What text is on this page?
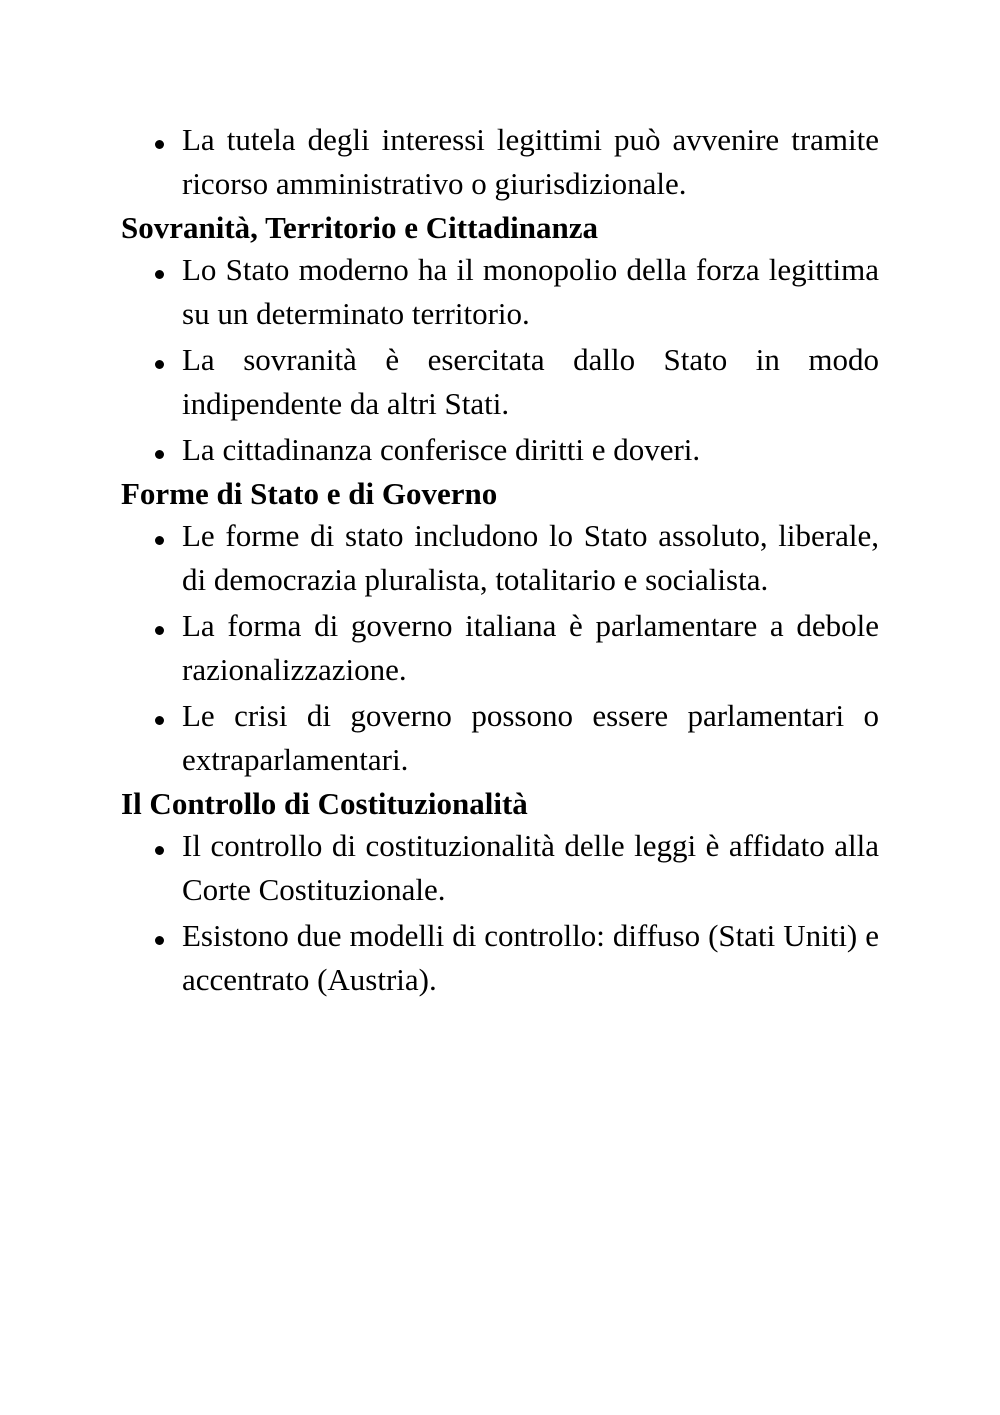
La tutela degli interessi legittimi può avvenire tramite ricorso amministrativo o giurisdizionale.
Sovranità, Territorio e Cittadinanza
Lo Stato moderno ha il monopolio della forza legittima su un determinato territorio.
La sovranità è esercitata dallo Stato in modo indipendente da altri Stati.
La cittadinanza conferisce diritti e doveri.
Forme di Stato e di Governo
Le forme di stato includono lo Stato assoluto, liberale, di democrazia pluralista, totalitario e socialista.
La forma di governo italiana è parlamentare a debole razionalizzazione.
Le crisi di governo possono essere parlamentari o extraparlamentari.
Il Controllo di Costituzionalità
Il controllo di costituzionalità delle leggi è affidato alla Corte Costituzionale.
Esistono due modelli di controllo: diffuso (Stati Uniti) e accentrato (Austria).
